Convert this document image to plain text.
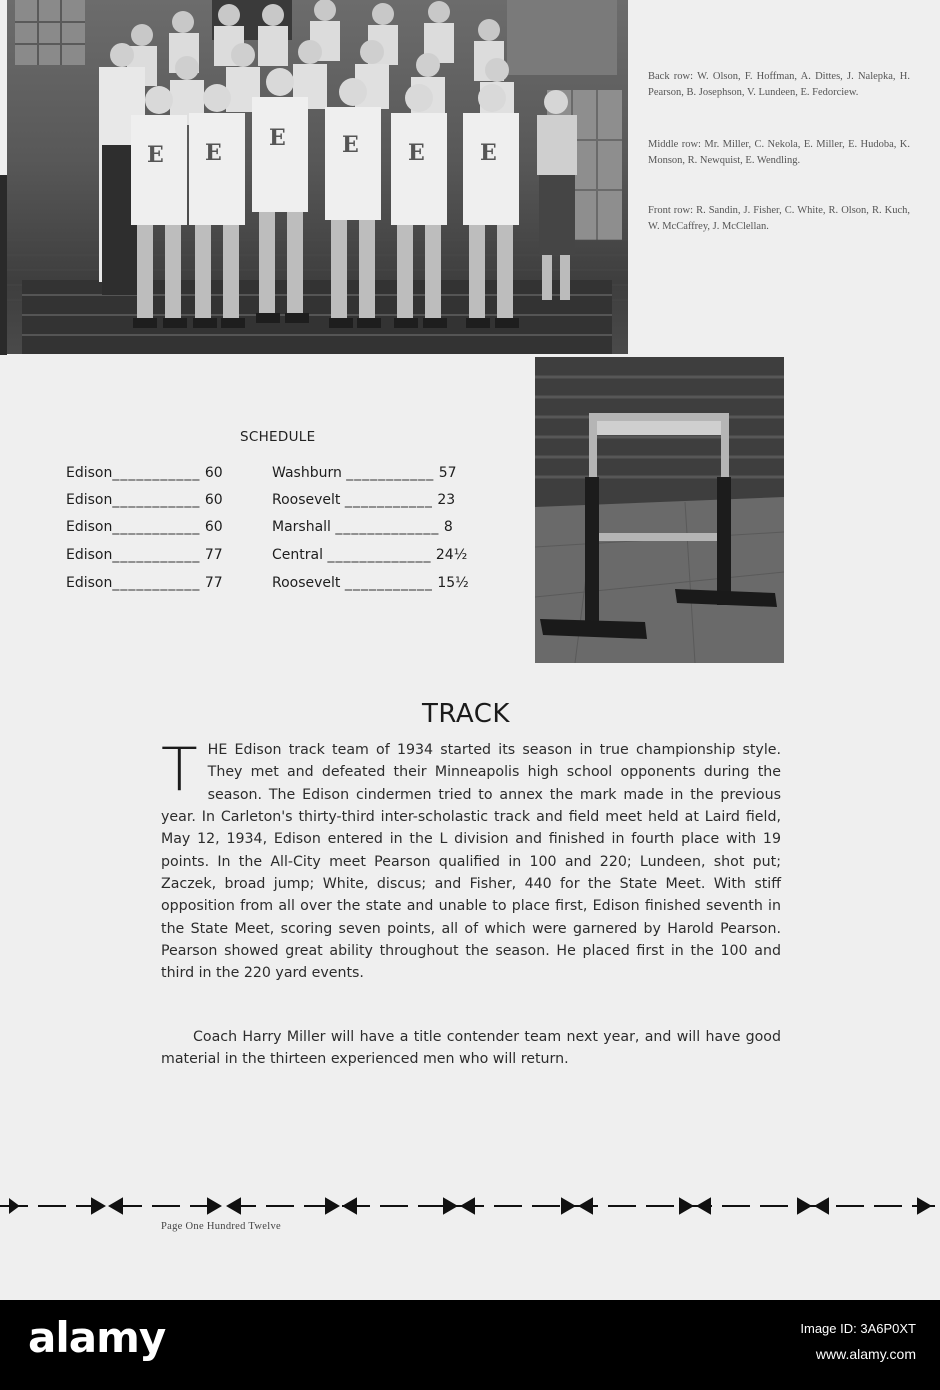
E E
E	E E	E
Back row: W. Olson, F. Hoffman, A. Dittes, J. Nalepka, H. Pearson, B. Josephson, V. Lundeen, E. Fedorciew.
Middle row: Mr. Miller, C. Nekola, E. Miller, E. Hudoba, K. Monson, R. Newquist, E. Wendling.
Front row: R. Sandin, J. Fisher, C. White, R. Olson, R. Kuch, W. McCaffrey, J. McClellan.
SCHEDULE
Edison___________ 60	Washburn ___________ 57
Edison___________ 60	Roosevelt ___________ 23
Edison___________ 60	Marshall _____________ 8
Edison___________ 77	Central _____________ 24½
Edison___________ 77	Roosevelt ___________ 15½
TRACK
THE Edison track team of 1934 started its season in true championship style. They met and defeated their Minneapolis high school opponents during the season. The Edison cindermen tried to annex the mark made in the previous year. In Carleton's thirty-third inter-scholastic track and field meet held at Laird field, May 12, 1934, Edison entered in the L division and finished in fourth place with 19 points. In the All-City meet Pearson qualified in 100 and 220; Lundeen, shot put; Zaczek, broad jump; White, discus; and Fisher, 440 for the State Meet. With stiff opposition from all over the state and unable to place first, Edison finished seventh in the State Meet, scoring seven points, all of which were garnered by Harold Pearson. Pearson showed great ability throughout the season. He placed first in the 100 and third in the 220 yard events.
Coach Harry Miller will have a title contender team next year, and will have good material in the thirteen experienced men who will return.
Page One Hundred Twelve
alamy	Image ID: 3A6P0XT
www.alamy.com
